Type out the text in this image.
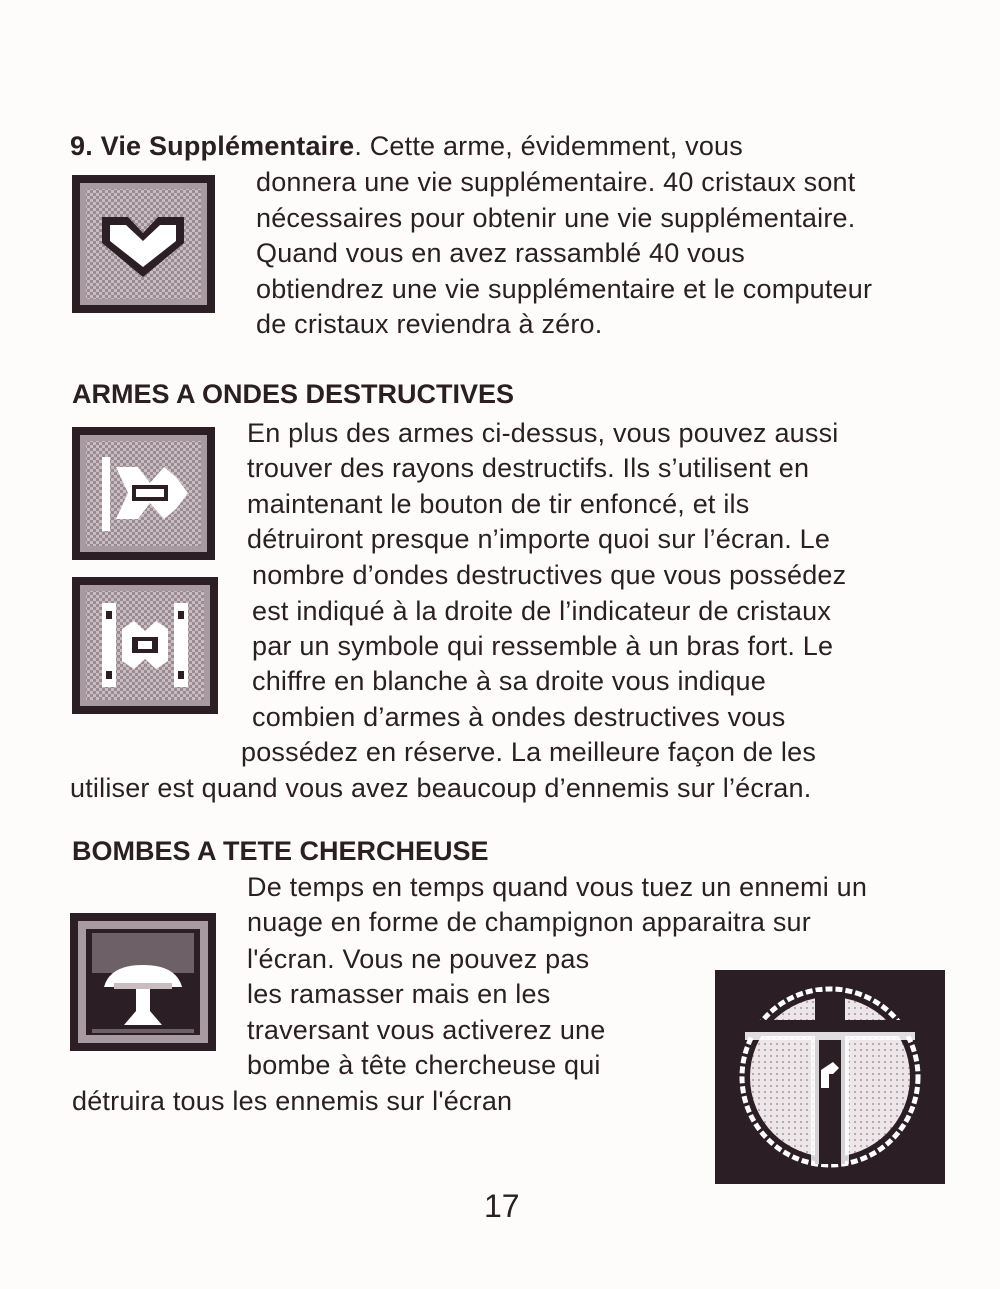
9. Vie Supplémentaire. Cette arme, évidemment, vous
donnera une vie supplémentaire. 40 cristaux sont
nécessaires pour obtenir une vie supplémentaire.
Quand vous en avez rassamblé 40 vous
obtiendrez une vie supplémentaire et le computeur
de cristaux reviendra à zéro.
ARMES A ONDES DESTRUCTIVES
En plus des armes ci-dessus, vous pouvez aussi
trouver des rayons destructifs. Ils s’utilisent en
maintenant le bouton de tir enfoncé, et ils
détruiront presque n’importe quoi sur l’écran. Le
nombre d’ondes destructives que vous possédez
est indiqué à la droite de l’indicateur de cristaux
par un symbole qui ressemble à un bras fort. Le
chiffre en blanche à sa droite vous indique
combien d’armes à ondes destructives vous
possédez en réserve. La meilleure façon de les
utiliser est quand vous avez beaucoup d’ennemis sur l’écran.
BOMBES A TETE CHERCHEUSE
De temps en temps quand vous tuez un ennemi un
nuage en forme de champignon apparaitra sur
l'écran. Vous ne pouvez pas
les ramasser mais en les
traversant vous activerez une
bombe à tête chercheuse qui
détruira tous les ennemis sur l'écran
17
